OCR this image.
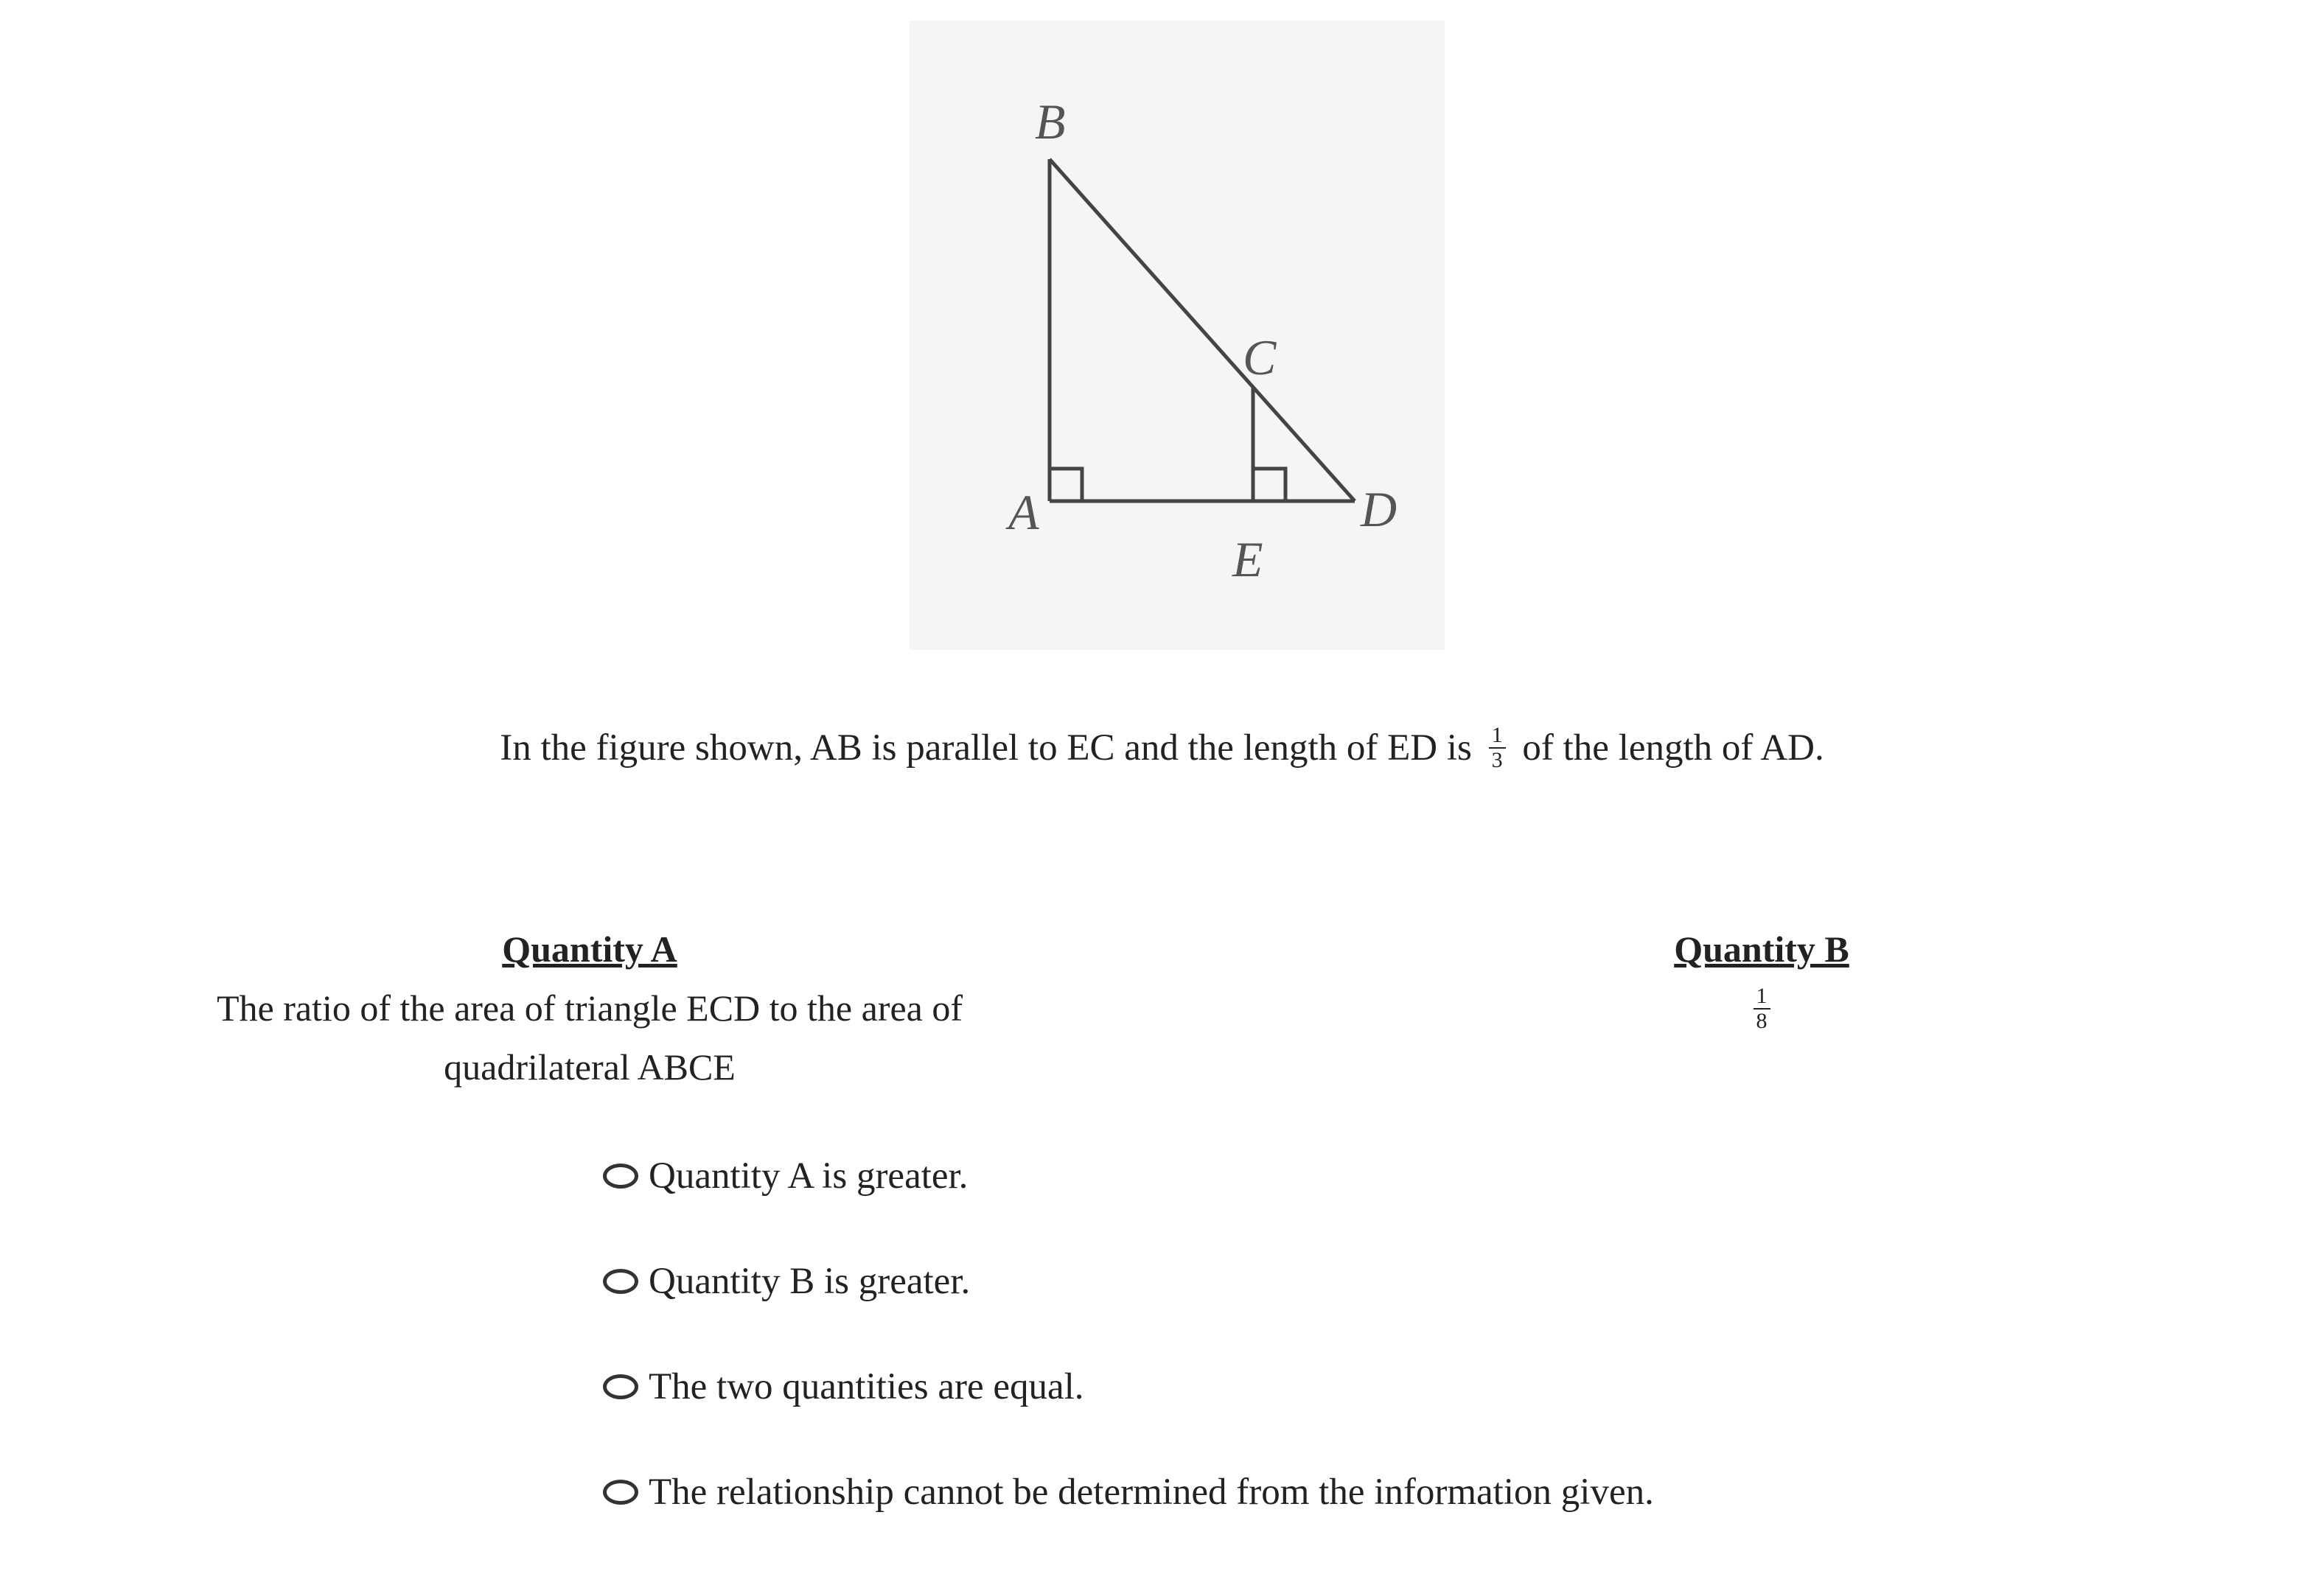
B
C
A	D
E
In the figure shown, AB is parallel to EC and the length of ED is $\frac{1}{3}$ of the length of AD.
Quantity A
The ratio of the area of triangle ECD to the area of
quadrilateral ABCE
Quantity B
$\frac{1}{8}$
Quantity A is greater.
Quantity B is greater.
The two quantities are equal.
The relationship cannot be determined from the information given.
